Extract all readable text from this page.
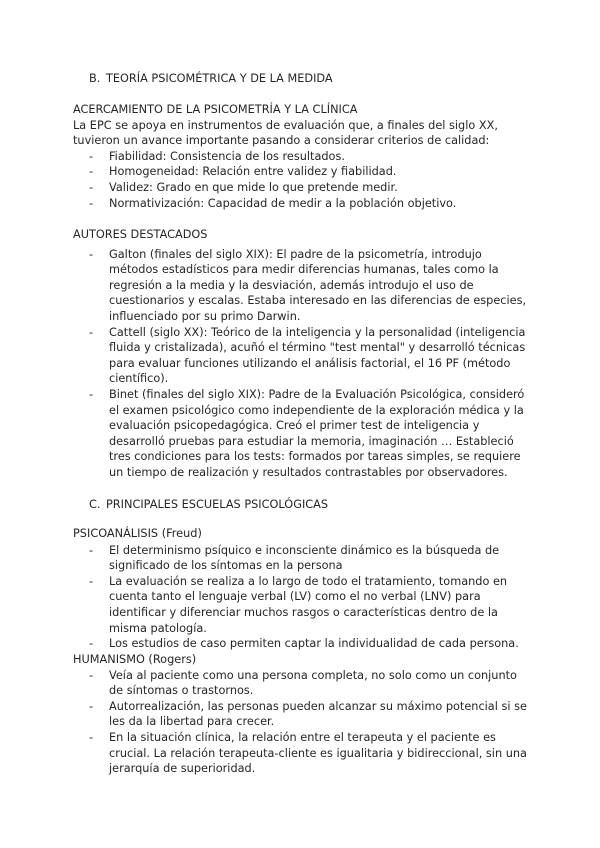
B. TEORÍA PSICOMÉTRICA Y DE LA MEDIDA

ACERCAMIENTO DE LA PSICOMETRÍA Y LA CLÍNICA

La EPC se apoya en instrumentos de evaluación que, a finales del siglo XX, tuvieron un avance importante pasando a considerar criterios de calidad:

- Fiabilidad: Consistencia de los resultados.
- Homogeneidad: Relación entre validez y fiabilidad.
- Validez: Grado en que mide lo que pretende medir.
- Normativización: Capacidad de medir a la población objetivo.

AUTORES DESTACADOS

- Galton (finales del siglo XIX): El padre de la psicometría, introdujo métodos estadísticos para medir diferencias humanas, tales como la regresión a la media y la desviación, además introdujo el uso de cuestionarios y escalas. Estaba interesado en las diferencias de especies, influenciado por su primo Darwin.
- Cattell (siglo XX): Teórico de la inteligencia y la personalidad (inteligencia fluida y cristalizada), acuñó el término "test mental" y desarrolló técnicas para evaluar funciones utilizando el análisis factorial, el 16 PF (método científico).
- Binet (finales del siglo XIX): Padre de la Evaluación Psicológica, consideró el examen psicológico como independiente de la exploración médica y la evaluación psicopedagógica. Creó el primer test de inteligencia y desarrolló pruebas para estudiar la memoria, imaginación … Estableció tres condiciones para los tests: formados por tareas simples, se requiere un tiempo de realización y resultados contrastables por observadores.
C. PRINCIPALES ESCUELAS PSICOLÓGICAS

PSICOANÁLISIS (Freud)

- El determinismo psíquico e inconsciente dinámico es la búsqueda de significado de los síntomas en la persona
- La evaluación se realiza a lo largo de todo el tratamiento, tomando en cuenta tanto el lenguaje verbal (LV) como el no verbal (LNV) para identificar y diferenciar muchos rasgos o características dentro de la misma patología.
- Los estudios de caso permiten captar la individualidad de cada persona.

HUMANISMO (Rogers)

- Veía al paciente como una persona completa, no solo como un conjunto de síntomas o trastornos.
- Autorrealización, las personas pueden alcanzar su máximo potencial si se les da la libertad para crecer.
- En la situación clínica, la relación entre el terapeuta y el paciente es crucial. La relación terapeuta-cliente es igualitaria y bidireccional, sin una jerarquía de superioridad.
